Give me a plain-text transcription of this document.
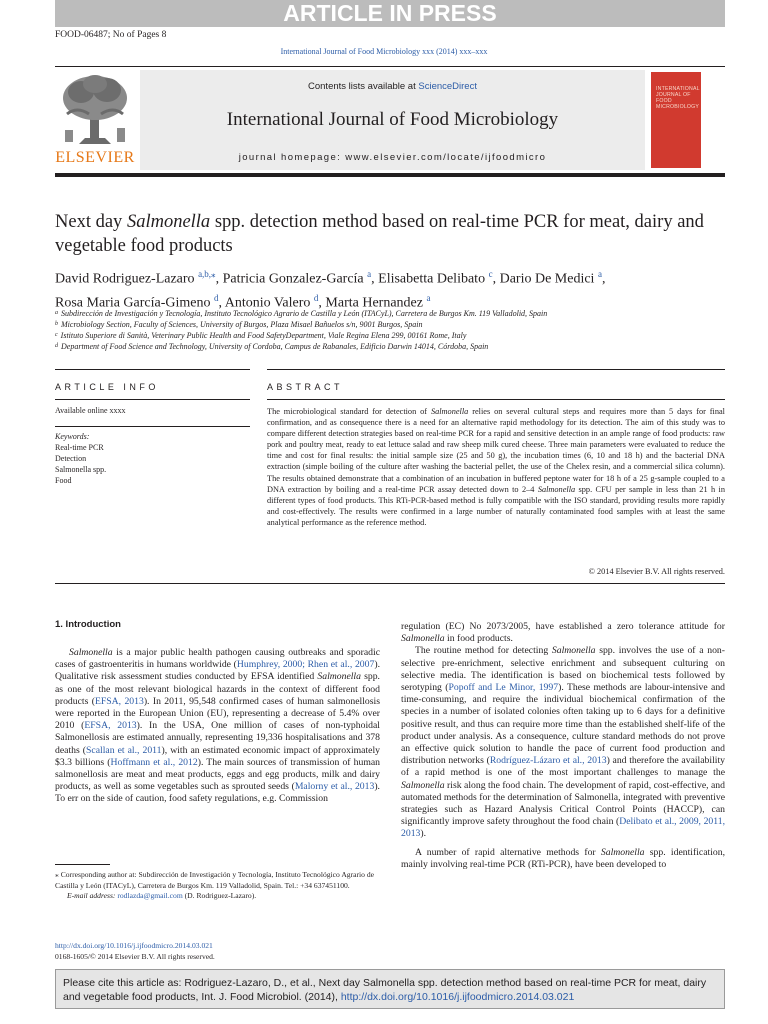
ARTICLE IN PRESS
FOOD-06487; No of Pages 8
International Journal of Food Microbiology xxx (2014) xxx–xxx
ELSEVIER
Contents lists available at ScienceDirect
International Journal of Food Microbiology
journal homepage: www.elsevier.com/locate/ijfoodmicro
INTERNATIONAL JOURNAL OF FOOD MICROBIOLOGY
Next day Salmonella spp. detection method based on real-time PCR for meat, dairy and vegetable food products
David Rodriguez-Lazaro $^{a,b,⁎}$, Patricia Gonzalez-García $^a$, Elisabetta Delibato $^c$, Dario De Medici $^a$,
Rosa Maria García-Gimeno $^d$, Antonio Valero $^d$, Marta Hernandez $^a$
$^a$ Subdirección de Investigación y Tecnología, Instituto Tecnológico Agrario de Castilla y León (ITACyL), Carretera de Burgos Km. 119 Valladolid, Spain
$^b$ Microbiology Section, Faculty of Sciences, University of Burgos, Plaza Misael Bañuelos s/n, 9001 Burgos, Spain
$^c$ Istituto Superiore di Sanità, Veterinary Public Health and Food SafetyDepartment, Viale Regina Elena 299, 00161 Rome, Italy
$^d$ Department of Food Science and Technology, University of Cordoba, Campus de Rabanales, Edificio Darwin 14014, Córdoba, Spain
ARTICLE INFO	ABSTRACT
Available online xxxx
Keywords:
Real-time PCR
Detection
Salmonella spp.
Food
The microbiological standard for detection of Salmonella relies on several cultural steps and requires more than 5 days for final confirmation, and as consequence there is a need for an alternative rapid methodology for its detection. The aim of this study was to compare different detection strategies based on real-time PCR for a rapid and sensitive detection in an ample range of food products: raw pork and poultry meat, ready to eat lettuce salad and raw sheep milk cured cheese. Three main parameters were evaluated to reduce the time and cost for final results: the initial sample size (25 and 50 g), the incubation times (6, 10 and 18 h) and the bacterial DNA extraction (simple boiling of the culture after washing the bacterial pellet, the use of the Chelex resin, and a commercial silica column). The results obtained demonstrate that a combination of an incubation in buffered peptone water for 18 h of a 25 g-sample coupled to a DNA extraction by boiling and a real-time PCR assay detected down to 2–4 Salmonella spp. CFU per sample in less than 21 h in different types of food products. This RTi-PCR-based method is fully compatible with the ISO standard, providing results more rapidly and cost-effectively. The results were confirmed in a large number of naturally contaminated food samples with at least the same analytical performance as the reference method.
© 2014 Elsevier B.V. All rights reserved.
1. Introduction

Salmonella is a major public health pathogen causing outbreaks and sporadic cases of gastroenteritis in humans worldwide (Humphrey, 2000; Rhen et al., 2007). Qualitative risk assessment studies conducted by EFSA identified Salmonella spp. as one of the most relevant biological hazards in the context of different food products (EFSA, 2013). In 2011, 95,548 confirmed cases of human salmonellosis were reported in the European Union (EU), representing a decrease of 5.4% over 2010 (EFSA, 2013). In the USA, One million of cases of non-typhoidal Salmonellosis are estimated annually, representing 19,336 hospitalisations and 378 deaths (Scallan et al., 2011), with an estimated economic impact of approximately $3.3 billions (Hoffmann et al., 2012). The main sources of transmission of human salmonellosis are meat and meat products, eggs and egg products, milk and dairy products, as well as some vegetables such as sprouted seeds (Malorny et al., 2013). To err on the side of caution, food safety regulations, e.g. Commission

regulation (EC) No 2073/2005, have established a zero tolerance attitude for Salmonella in food products.

The routine method for detecting Salmonella spp. involves the use of a non-selective pre-enrichment, selective enrichment and subsequent culturing on selective media. The identification is based on biochemical tests followed by serotyping (Popoff and Le Minor, 1997). These methods are labour-intensive and time-consuming, and require the individual biochemical confirmation of the species in a number of isolated colonies often taking up to 6 days for a definitive positive result, and thus can require more time than the established shelf-life of the product under analysis. As a consequence, culture standard methods do not prove an effective quick solution to handle the pace of current food production and distribution networks (Rodríguez-Lázaro et al., 2013) and therefore the availability of a rapid method is one of the most important challenges to manage the Salmonella risk along the food chain. The development of rapid, cost-effective, and automated methods for the determination of Salmonella, integrated with preventive strategies such as Hazard Analysis Critical Control Points (HACCP), can significantly improve safety throughout the food chain (Delibato et al., 2009, 2011, 2013).

A number of rapid alternative methods for Salmonella spp. identification, mainly involving real-time PCR (RTi-PCR), have been developed to

⁎ Corresponding author at: Subdirección de Investigación y Tecnología, Instituto Tecnológico Agrario de Castilla y León (ITACyL), Carretera de Burgos Km. 119 Valladolid, Spain. Tel.: +34 637451100.
E-mail address: rodlazda@gmail.com (D. Rodriguez-Lazaro).
http://dx.doi.org/10.1016/j.ijfoodmicro.2014.03.021
0168-1605/© 2014 Elsevier B.V. All rights reserved.
Please cite this article as: Rodriguez-Lazaro, D., et al., Next day Salmonella spp. detection method based on real-time PCR for meat, dairy and vegetable food products, Int. J. Food Microbiol. (2014), http://dx.doi.org/10.1016/j.ijfoodmicro.2014.03.021
